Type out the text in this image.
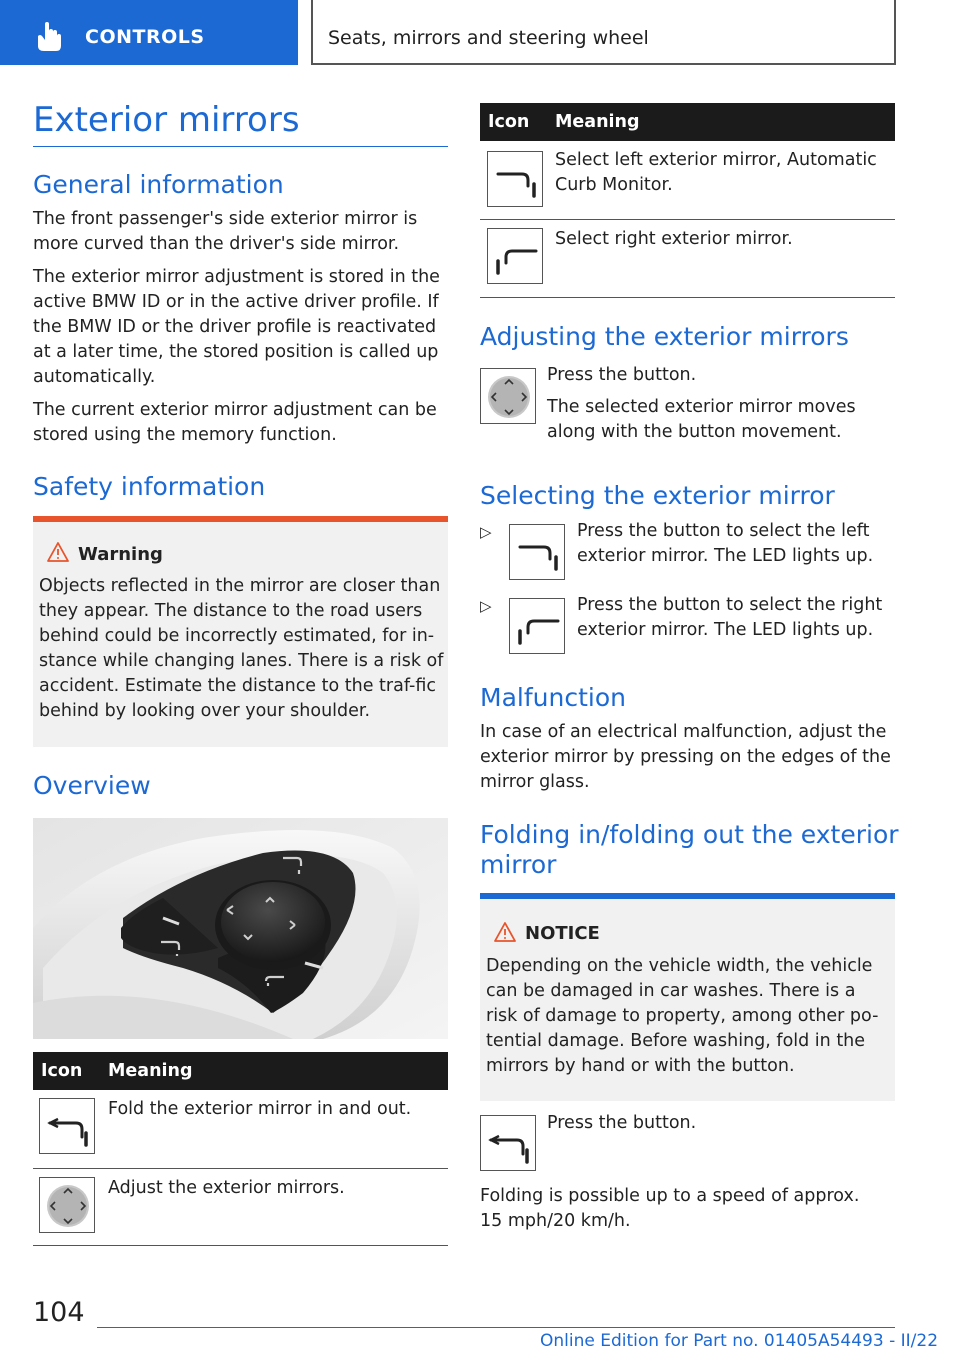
CONTROLS	Seats, mirrors and steering wheel
Exterior mirrors
General information
The front passenger's side exterior mirror is more curved than the driver's side mirror.
The exterior mirror adjustment is stored in the active BMW ID or in the active driver profile. If the BMW ID or the driver profile is reactivated at a later time, the stored position is called up automatically.
The current exterior mirror adjustment can be stored using the memory function.
Safety information
Warning
Objects reflected in the mirror are closer than they appear. The distance to the road users behind could be incorrectly estimated, for in-stance while changing lanes. There is a risk of accident. Estimate the distance to the traf-fic behind by looking over your shoulder.
Overview
Icon Meaning
Fold the exterior mirror in and out.
Adjust the exterior mirrors.
Icon Meaning
Select left exterior mirror, Automatic Curb Monitor.
Select right exterior mirror.
Adjusting the exterior mirrors
Press the button.
The selected exterior mirror moves along with the button movement.
Selecting the exterior mirror
▷	Press the button to select the left exterior mirror. The LED lights up.
▷	Press the button to select the right exterior mirror. The LED lights up.
Malfunction
In case of an electrical malfunction, adjust the exterior mirror by pressing on the edges of the mirror glass.
Folding in/folding out the exterior
mirror
NOTICE
Depending on the vehicle width, the vehicle can be damaged in car washes. There is a risk of damage to property, among other po-tential damage. Before washing, fold in the mirrors by hand or with the button.
Press the button.
Folding is possible up to a speed of approx.
15 mph/20 km/h.
104
Online Edition for Part no. 01405A54493 - II/22
